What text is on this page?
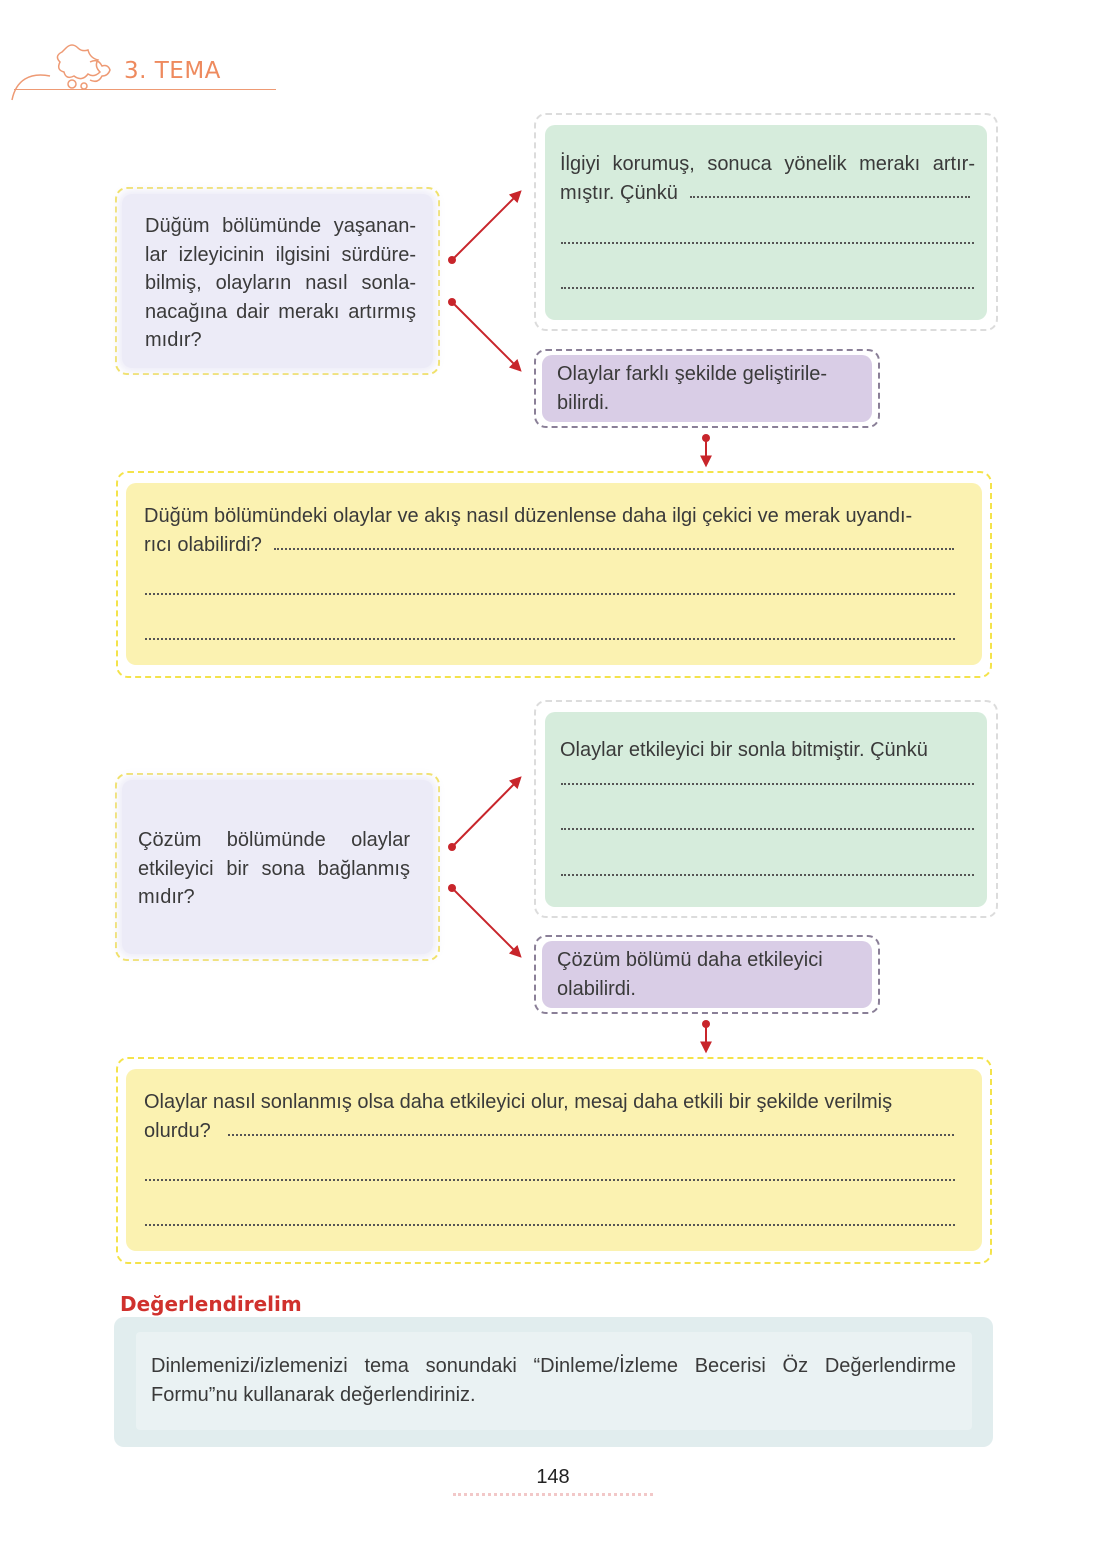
3. TEMA
Düğüm bölümünde yaşanan-
lar izleyicinin ilgisini sürdüre-
bilmiş, olayların nasıl sonla-
nacağına dair merakı artırmış
mıdır?
İlgiyi korumuş, sonuca yönelik merakı artır-
mıştır. Çünkü
Olaylar farklı şekilde geliştirile-
bilirdi.
Düğüm bölümündeki olaylar ve akış nasıl düzenlense daha ilgi çekici ve merak uyandı-
rıcı olabilirdi?
Çözüm bölümünde olaylar
etkileyici bir sona bağlanmış
mıdır?
Olaylar etkileyici bir sonla bitmiştir. Çünkü
Çözüm bölümü daha etkileyici
olabilirdi.
Olaylar nasıl sonlanmış olsa daha etkileyici olur, mesaj daha etkili bir şekilde verilmiş
olurdu?
Değerlendirelim
Dinlemenizi/izlemenizi tema sonundaki “Dinleme/İzleme Becerisi Öz Değerlendirme
Formu”nu kullanarak değerlendiriniz.
148
